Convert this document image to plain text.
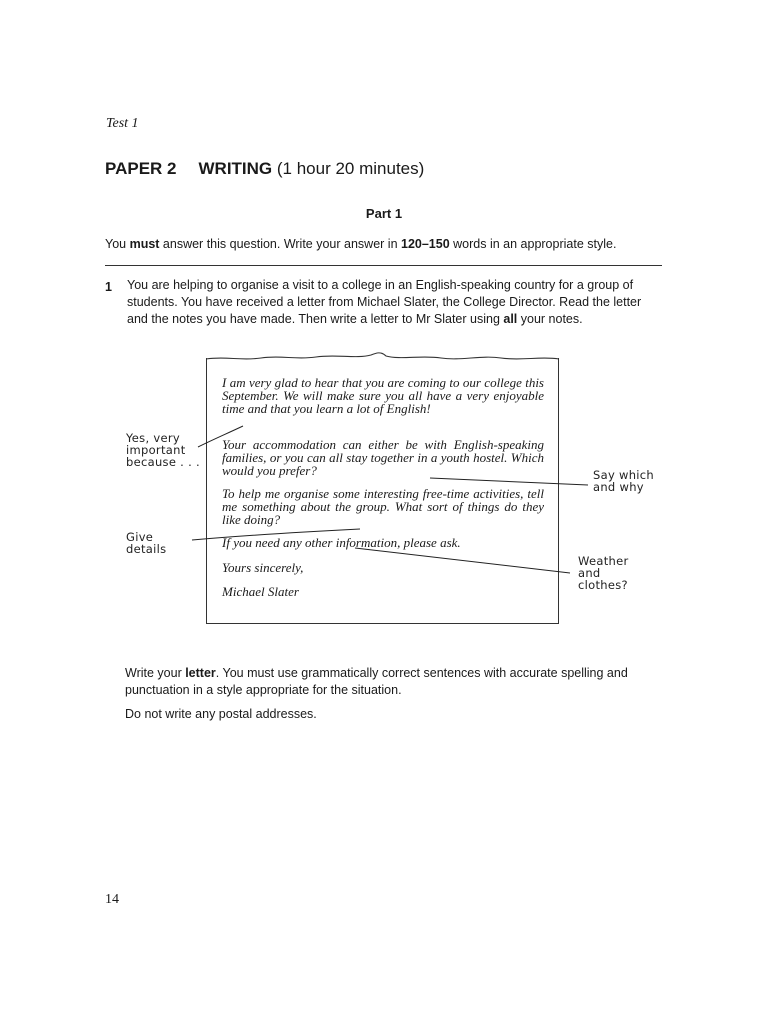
Test 1
PAPER 2 WRITING (1 hour 20 minutes)
Part 1
You must answer this question. Write your answer in 120–150 words in an appropriate style.
1 You are helping to organise a visit to a college in an English-speaking country for a group of students. You have received a letter from Michael Slater, the College Director. Read the letter and the notes you have made. Then write a letter to Mr Slater using all your notes.
I am very glad to hear that you are coming to our college this September. We will make sure you all have a very enjoyable time and that you learn a lot of English!
Your accommodation can either be with English-speaking families, or you can all stay together in a youth hostel. Which would you prefer?
To help me organise some interesting free-time activities, tell me something about the group. What sort of things do they like doing?
If you need any other information, please ask.
Yours sincerely,
Michael Slater
Yes, very
important
because . . .
Give
details
Say which
and why
Weather
and
clothes?
Write your letter. You must use grammatically correct sentences with accurate spelling and punctuation in a style appropriate for the situation.
Do not write any postal addresses.
14
